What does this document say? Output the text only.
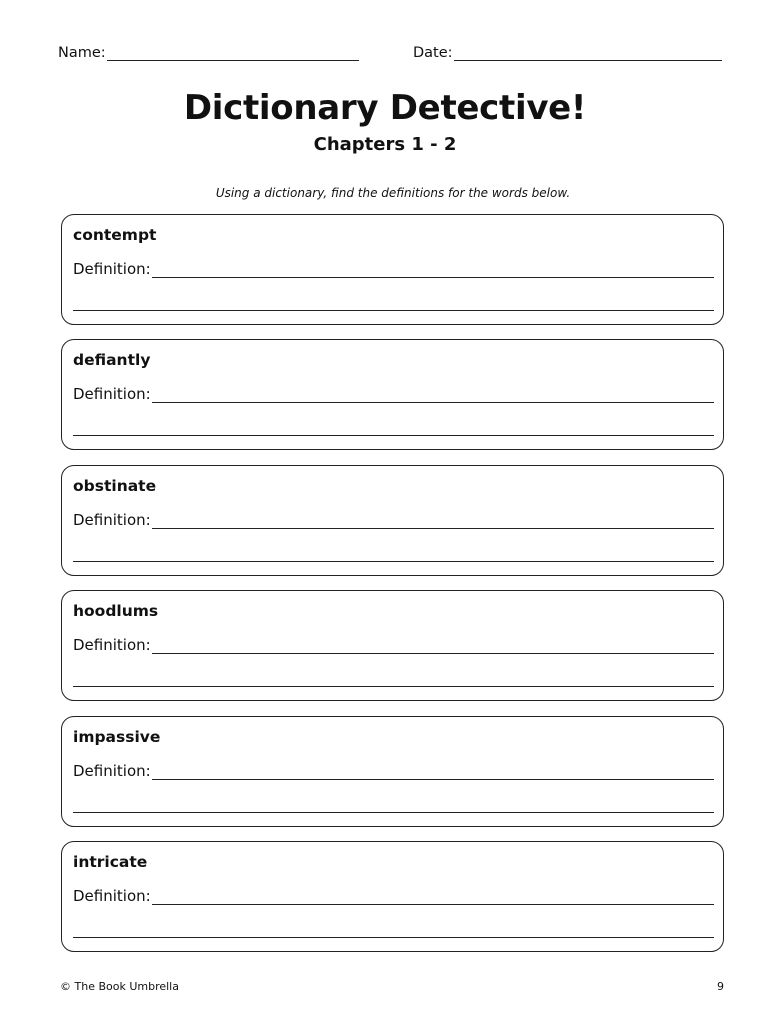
Name:	Date:
Dictionary Detective!
Chapters 1 - 2
Using a dictionary, find the definitions for the words below.
contempt
Definition:
defiantly
Definition:
obstinate
Definition:
hoodlums
Definition:
impassive
Definition:
intricate
Definition:
© The Book Umbrella	9
